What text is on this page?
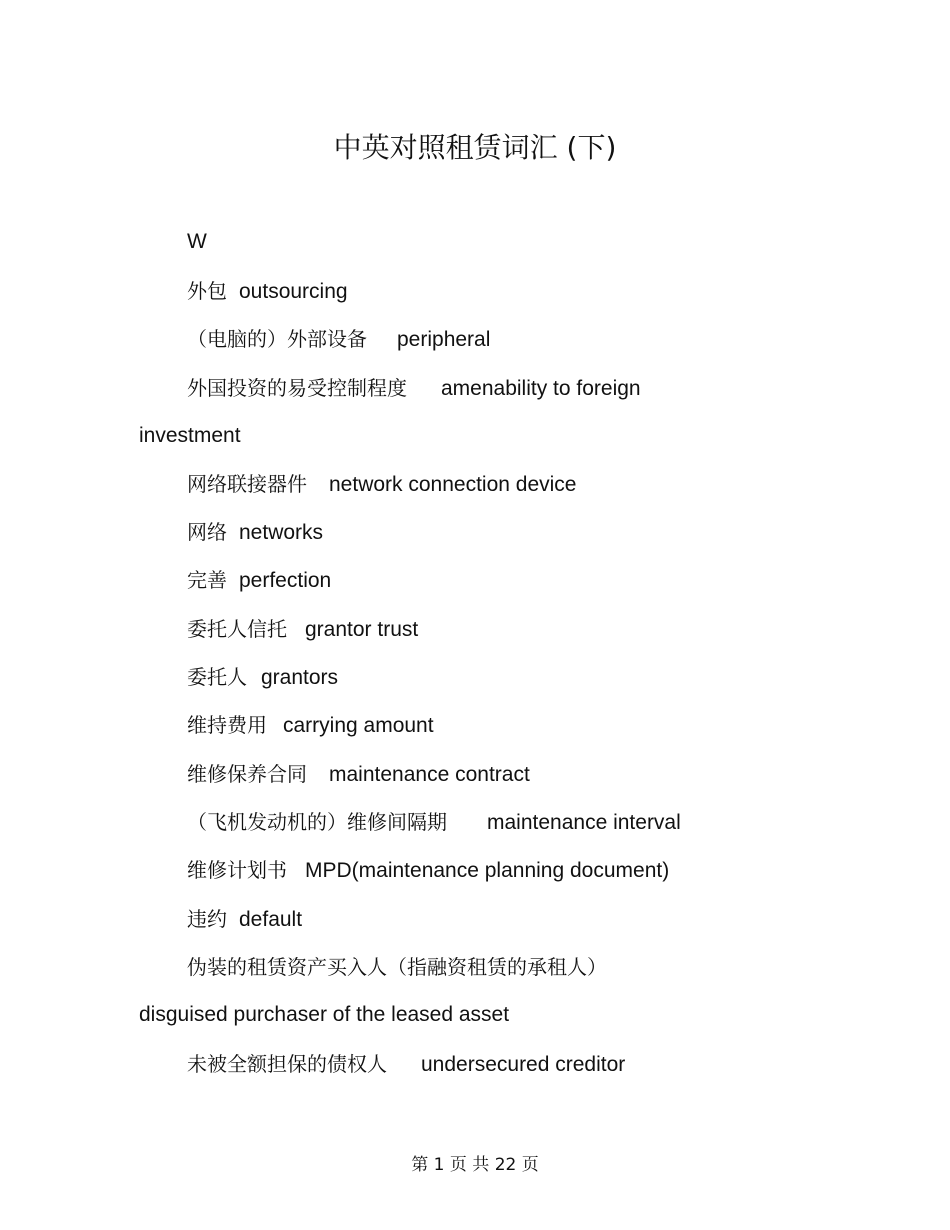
中英对照租赁词汇 (下)
W
外包 outsourcing
（电脑的）外部设备 peripheral
外国投资的易受控制程度 amenability to foreign
investment
网络联接器件 network connection device
网络 networks
完善 perfection
委托人信托 grantor trust
委托人 grantors
维持费用 carrying amount
维修保养合同 maintenance contract
（飞机发动机的）维修间隔期 maintenance interval
维修计划书 MPD(maintenance planning document)
违约 default
伪装的租赁资产买入人（指融资租赁的承租人）
disguised purchaser of the leased asset
未被全额担保的债权人 undersecured creditor
第 1 页 共 22 页
